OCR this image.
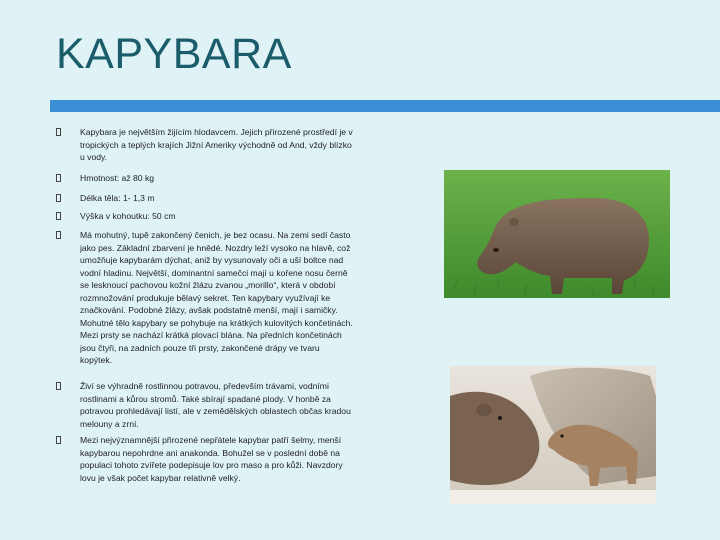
KAPYBARA
Kapybara je největším žijícím hlodavcem. Jejich přirozené prostředí je v tropických a teplých krajích Jižní Ameriky východně od And, vždy blízko u vody.
Hmotnost: až 80 kg
Délka těla: 1- 1,3 m
Výška v kohoutku: 50 cm
Má mohutný, tupě zakončený čenich, je bez ocasu. Na zemi sedí často jako pes. Základní zbarvení je hnědé. Nozdry leží vysoko na hlavě, což umožňuje kapybarám dýchat, aniž by vysunovaly oči a uší boltce nad vodní hladinu. Největší, dominantní samečci mají u kořene nosu černě se lesknoucí pachovou kožní žlázu zvanou „morillo“, která v období rozmnožování produkuje bělavý sekret. Ten kapybary využívají ke značkování. Podobné žlázy, avšak podstatně menší, mají i samičky. Mohutné tělo kapybary se pohybuje na krátkých kulovitých končetinách. Mezi prsty se nachází krátká plovací blána. Na předních končetinách jsou čtyři, na zadních pouze tři prsty, zakončené drápy ve tvaru kopýtek.
Živí se výhradně rostlinnou potravou, především trávami, vodními rostlinami a kůrou stromů. Také sbírají spadané plody. V honbě za potravou prohledávají listí, ale v zemědělských oblastech občas kradou melouny a zrní.
Mezi nejvýznamnější přirozené nepřátele kapybar patří šelmy, menší kapybarou nepohrdne ani anakonda. Bohužel se v poslední době na populaci tohoto zvířete podepisuje lov pro maso a pro kůži. Navzdory lovu je však počet kapybar relativně velký.
